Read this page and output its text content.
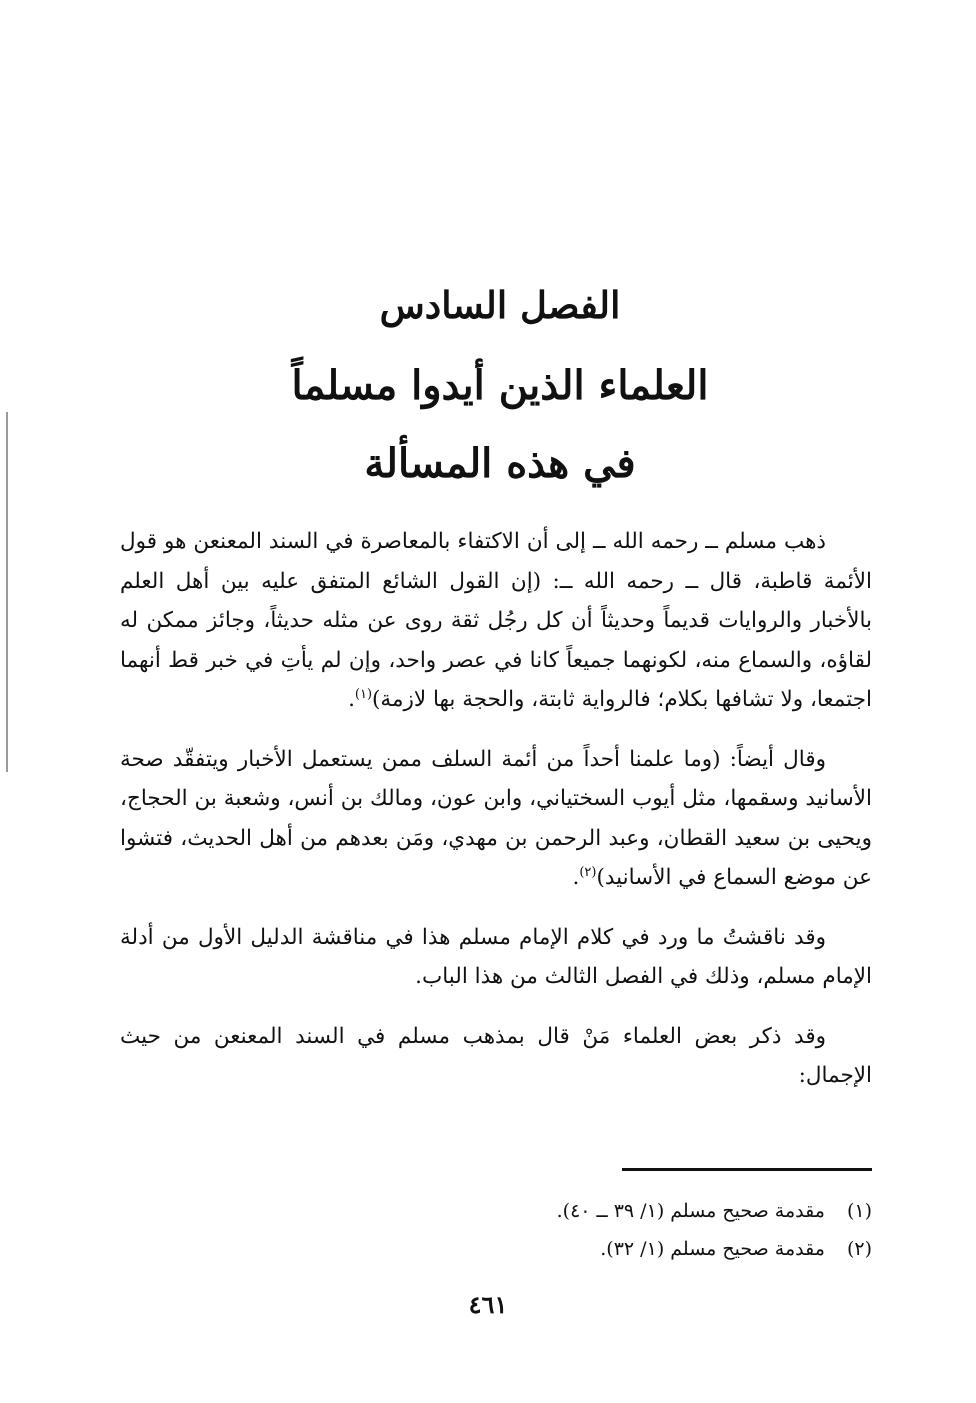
الفصل السادس
العلماء الذين أيدوا مسلماً
في هذه المسألة

ذهب مسلم ــ رحمه الله ــ إلى أن الاكتفاء بالمعاصرة في السند المعنعن هو قول الأئمة قاطبة، قال ــ رحمه الله ــ: (إن القول الشائع المتفق عليه بين أهل العلم بالأخبار والروايات قديماً وحديثاً أن كل رجُل ثقة روى عن مثله حديثاً، وجائز ممكن له لقاؤه، والسماع منه، لكونهما جميعاً كانا في عصر واحد، وإن لم يأتِ في خبر قط أنهما اجتمعا، ولا تشافها بكلام؛ فالرواية ثابتة، والحجة بها لازمة)$^{(١)}$.

وقال أيضاً: (وما علمنا أحداً من أئمة السلف ممن يستعمل الأخبار ويتفقّد صحة الأسانيد وسقمها، مثل أيوب السختياني، وابن عون، ومالك بن أنس، وشعبة بن الحجاج، ويحيى بن سعيد القطان، وعبد الرحمن بن مهدي، ومَن بعدهم من أهل الحديث، فتشوا عن موضع السماع في الأسانيد)$^{(٢)}$.

وقد ناقشتُ ما ورد في كلام الإمام مسلم هذا في مناقشة الدليل الأول من أدلة الإمام مسلم، وذلك في الفصل الثالث من هذا الباب.

وقد ذكر بعض العلماء مَنْ قال بمذهب مسلم في السند المعنعن من حيث الإجمال:

(١)مقدمة صحيح مسلم (١/ ٣٩ ــ ٤٠).
(٢)مقدمة صحيح مسلم (١/ ٣٢).
٤٦١
